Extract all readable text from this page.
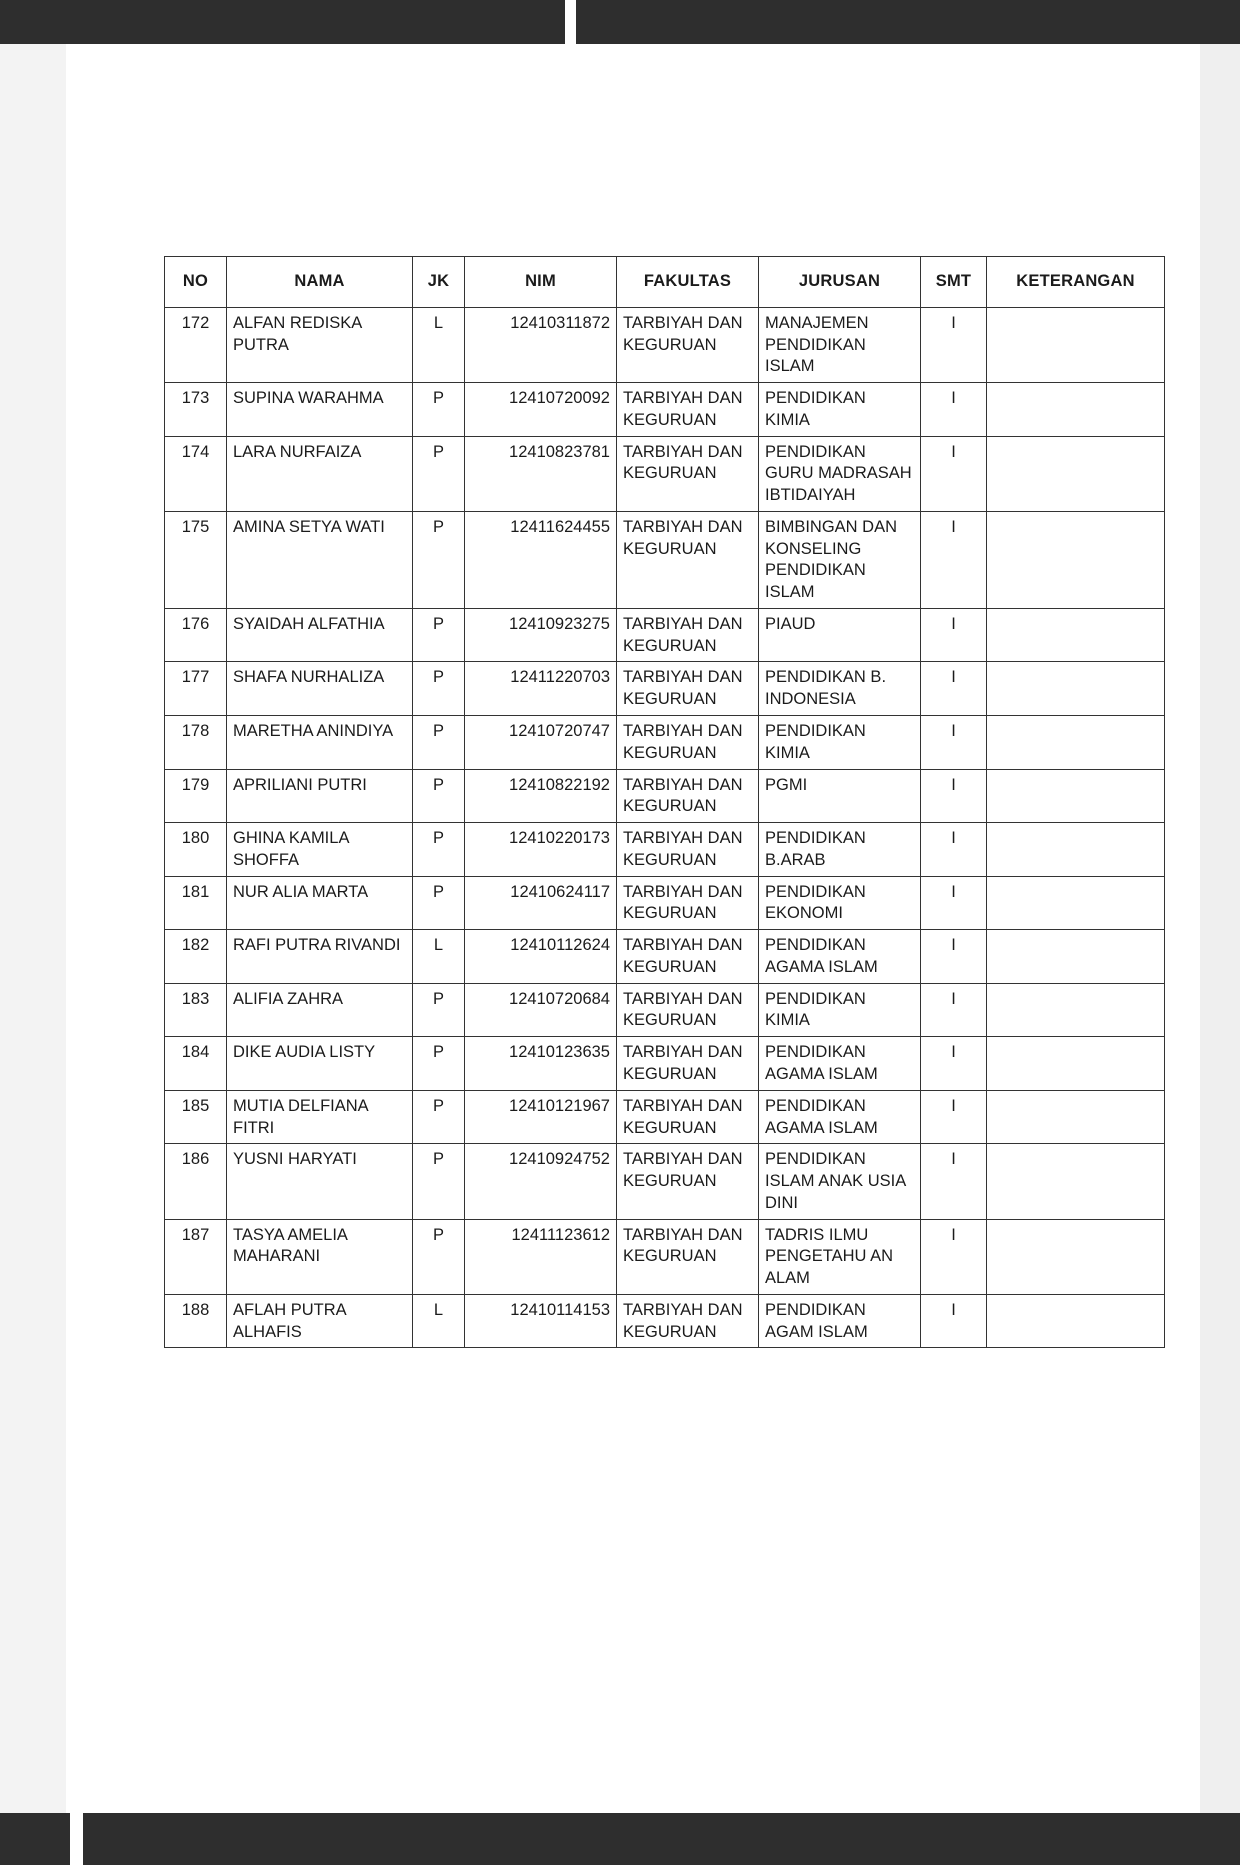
NO	NAMA	JK	NIM	FAKULTAS	JURUSAN	SMT	KETERANGAN
172	ALFAN REDISKA PUTRA	L	12410311872	TARBIYAH DAN KEGURUAN	MANAJEMEN PENDIDIKAN ISLAM	I	

173	SUPINA WARAHMA	P	12410720092	TARBIYAH DAN KEGURUAN	PENDIDIKAN KIMIA	I	

174	LARA NURFAIZA	P	12410823781	TARBIYAH DAN KEGURUAN	PENDIDIKAN GURU MADRASAH IBTIDAIYAH	I	

175	AMINA SETYA WATI	P	12411624455	TARBIYAH DAN KEGURUAN	BIMBINGAN DAN KONSELING PENDIDIKAN ISLAM	I	

176	SYAIDAH ALFATHIA	P	12410923275	TARBIYAH DAN KEGURUAN	PIAUD	I	

177	SHAFA NURHALIZA	P	12411220703	TARBIYAH DAN KEGURUAN	PENDIDIKAN B. INDONESIA	I	

178	MARETHA ANINDIYA	P	12410720747	TARBIYAH DAN KEGURUAN	PENDIDIKAN KIMIA	I	

179	APRILIANI PUTRI	P	12410822192	TARBIYAH DAN KEGURUAN	PGMI	I	

180	GHINA KAMILA SHOFFA	P	12410220173	TARBIYAH DAN KEGURUAN	PENDIDIKAN B.ARAB	I	

181	NUR ALIA MARTA	P	12410624117	TARBIYAH DAN KEGURUAN	PENDIDIKAN EKONOMI	I	

182	RAFI PUTRA RIVANDI	L	12410112624	TARBIYAH DAN KEGURUAN	PENDIDIKAN AGAMA ISLAM	I	

183	ALIFIA ZAHRA	P	12410720684	TARBIYAH DAN KEGURUAN	PENDIDIKAN KIMIA	I	

184	DIKE AUDIA LISTY	P	12410123635	TARBIYAH DAN KEGURUAN	PENDIDIKAN AGAMA ISLAM	I	

185	MUTIA DELFIANA FITRI	P	12410121967	TARBIYAH DAN KEGURUAN	PENDIDIKAN AGAMA ISLAM	I	

186	YUSNI HARYATI	P	12410924752	TARBIYAH DAN KEGURUAN	PENDIDIKAN ISLAM ANAK USIA DINI	I	

187	TASYA AMELIA MAHARANI	P	12411123612	TARBIYAH DAN KEGURUAN	TADRIS ILMU PENGETAHU AN ALAM	I	

188	AFLAH PUTRA ALHAFIS	L	12410114153	TARBIYAH DAN KEGURUAN	PENDIDIKAN AGAM ISLAM	I	
